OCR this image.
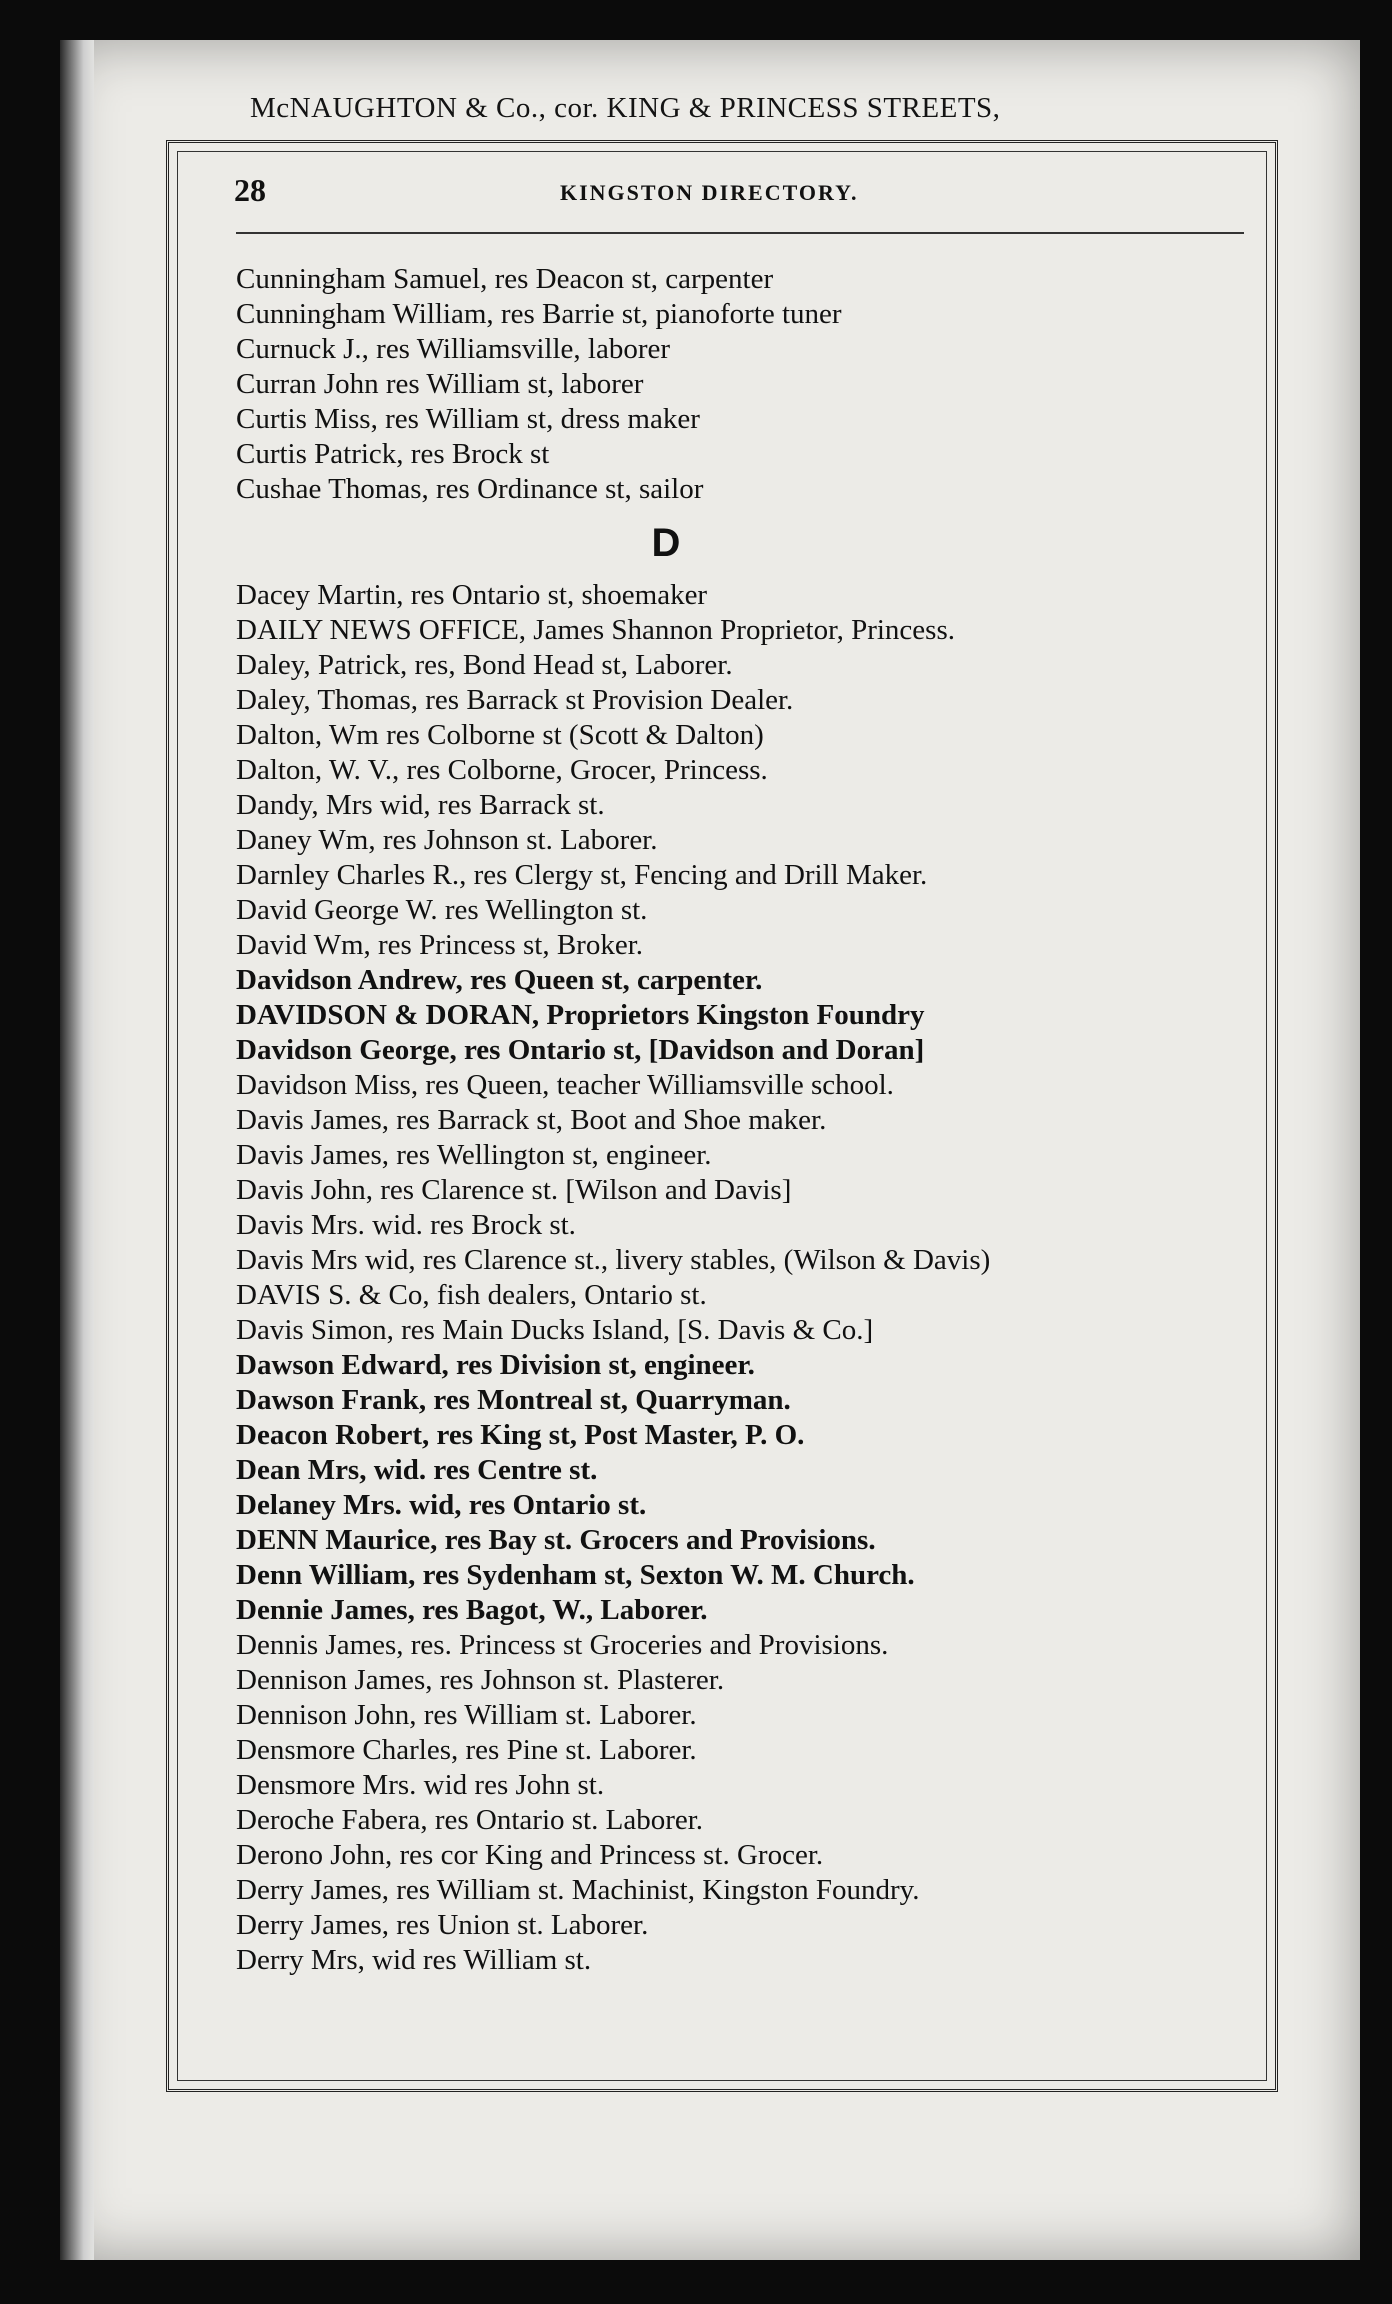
McNAUGHTON & Co., cor. KING & PRINCESS STREETS,
28	KINGSTON DIRECTORY.
Cunningham Samuel, res Deacon st, carpenter
Cunningham William, res Barrie st, pianoforte tuner
Curnuck J., res Williamsville, laborer
Curran John res William st, laborer
Curtis Miss, res William st, dress maker
Curtis Patrick, res Brock st
Cushae Thomas, res Ordinance st, sailor
D
Dacey Martin, res Ontario st, shoemaker
DAILY NEWS OFFICE, James Shannon Proprietor, Princess.
Daley, Patrick, res, Bond Head st, Laborer.
Daley, Thomas, res Barrack st Provision Dealer.
Dalton, Wm res Colborne st (Scott & Dalton)
Dalton, W. V., res Colborne, Grocer, Princess.
Dandy, Mrs wid, res Barrack st.
Daney Wm, res Johnson st. Laborer.
Darnley Charles R., res Clergy st, Fencing and Drill Maker.
David George W. res Wellington st.
David Wm, res Princess st, Broker.
Davidson Andrew, res Queen st, carpenter.
DAVIDSON & DORAN, Proprietors Kingston Foundry
Davidson George, res Ontario st, [Davidson and Doran]
Davidson Miss, res Queen, teacher Williamsville school.
Davis James, res Barrack st, Boot and Shoe maker.
Davis James, res Wellington st, engineer.
Davis John, res Clarence st. [Wilson and Davis]
Davis Mrs. wid. res Brock st.
Davis Mrs wid, res Clarence st., livery stables, (Wilson & Davis)
DAVIS S. & Co, fish dealers, Ontario st.
Davis Simon, res Main Ducks Island, [S. Davis & Co.]
Dawson Edward, res Division st, engineer.
Dawson Frank, res Montreal st, Quarryman.
Deacon Robert, res King st, Post Master, P. O.
Dean Mrs, wid. res Centre st.
Delaney Mrs. wid, res Ontario st.
DENN Maurice, res Bay st. Grocers and Provisions.
Denn William, res Sydenham st, Sexton W. M. Church.
Dennie James, res Bagot, W., Laborer.
Dennis James, res. Princess st Groceries and Provisions.
Dennison James, res Johnson st. Plasterer.
Dennison John, res William st. Laborer.
Densmore Charles, res Pine st. Laborer.
Densmore Mrs. wid res John st.
Deroche Fabera, res Ontario st. Laborer.
Derono John, res cor King and Princess st. Grocer.
Derry James, res William st. Machinist, Kingston Foundry.
Derry James, res Union st. Laborer.
Derry Mrs, wid res William st.
